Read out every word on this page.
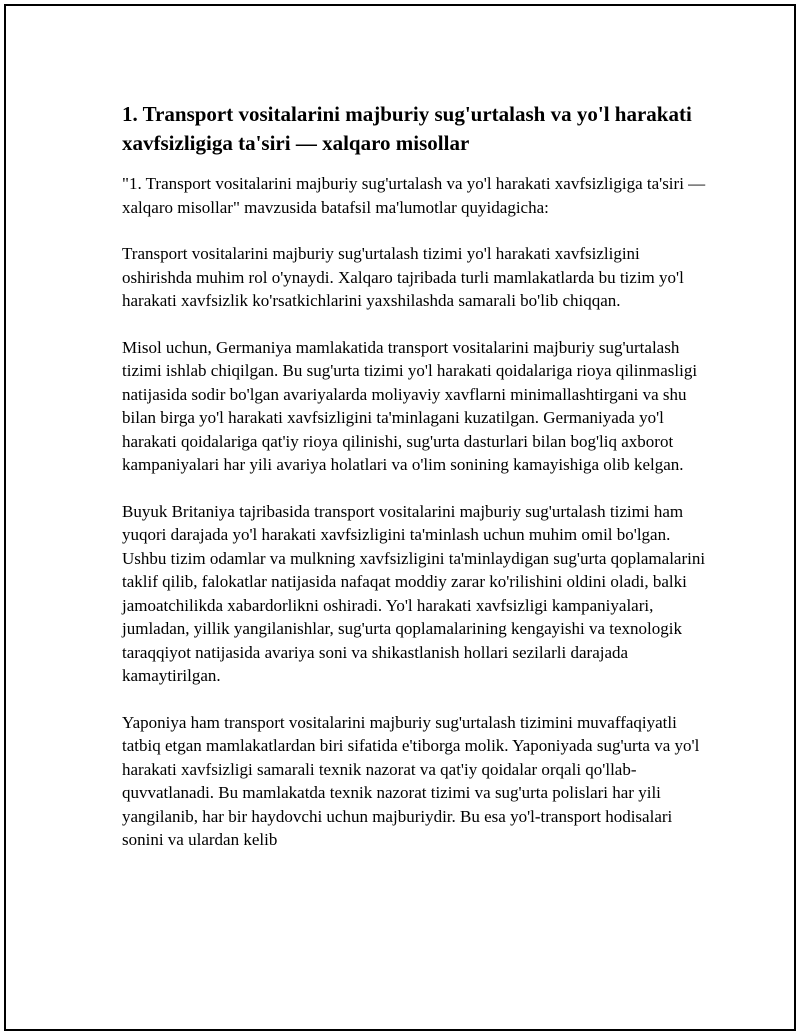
1. Transport vositalarini majburiy sug'urtalash va yo'l harakati xavfsizligiga ta'siri — xalqaro misollar

"1. Transport vositalarini majburiy sug'urtalash va yo'l harakati xavfsizligiga ta'siri — xalqaro misollar" mavzusida batafsil ma'lumotlar quyidagicha:

Transport vositalarini majburiy sug'urtalash tizimi yo'l harakati xavfsizligini oshirishda muhim rol o'ynaydi. Xalqaro tajribada turli mamlakatlarda bu tizim yo'l harakati xavfsizlik ko'rsatkichlarini yaxshilashda samarali bo'lib chiqqan.

Misol uchun, Germaniya mamlakatida transport vositalarini majburiy sug'urtalash tizimi ishlab chiqilgan. Bu sug'urta tizimi yo'l harakati qoidalariga rioya qilinmasligi natijasida sodir bo'lgan avariyalarda moliyaviy xavflarni minimallashtirgani va shu bilan birga yo'l harakati xavfsizligini ta'minlagani kuzatilgan. Germaniyada yo'l harakati qoidalariga qat'iy rioya qilinishi, sug'urta dasturlari bilan bog'liq axborot kampaniyalari har yili avariya holatlari va o'lim sonining kamayishiga olib kelgan.

Buyuk Britaniya tajribasida transport vositalarini majburiy sug'urtalash tizimi ham yuqori darajada yo'l harakati xavfsizligini ta'minlash uchun muhim omil bo'lgan. Ushbu tizim odamlar va mulkning xavfsizligini ta'minlaydigan sug'urta qoplamalarini taklif qilib, falokatlar natijasida nafaqat moddiy zarar ko'rilishini oldini oladi, balki jamoatchilikda xabardorlikni oshiradi. Yo'l harakati xavfsizligi kampaniyalari, jumladan, yillik yangilanishlar, sug'urta qoplamalarining kengayishi va texnologik taraqqiyot natijasida avariya soni va shikastlanish hollari sezilarli darajada kamaytirilgan.

Yaponiya ham transport vositalarini majburiy sug'urtalash tizimini muvaffaqiyatli tatbiq etgan mamlakatlardan biri sifatida e'tiborga molik. Yaponiyada sug'urta va yo'l harakati xavfsizligi samarali texnik nazorat va qat'iy qoidalar orqali qo'llab-quvvatlanadi. Bu mamlakatda texnik nazorat tizimi va sug'urta polislari har yili yangilanib, har bir haydovchi uchun majburiydir. Bu esa yo'l-transport hodisalari sonini va ulardan kelib
